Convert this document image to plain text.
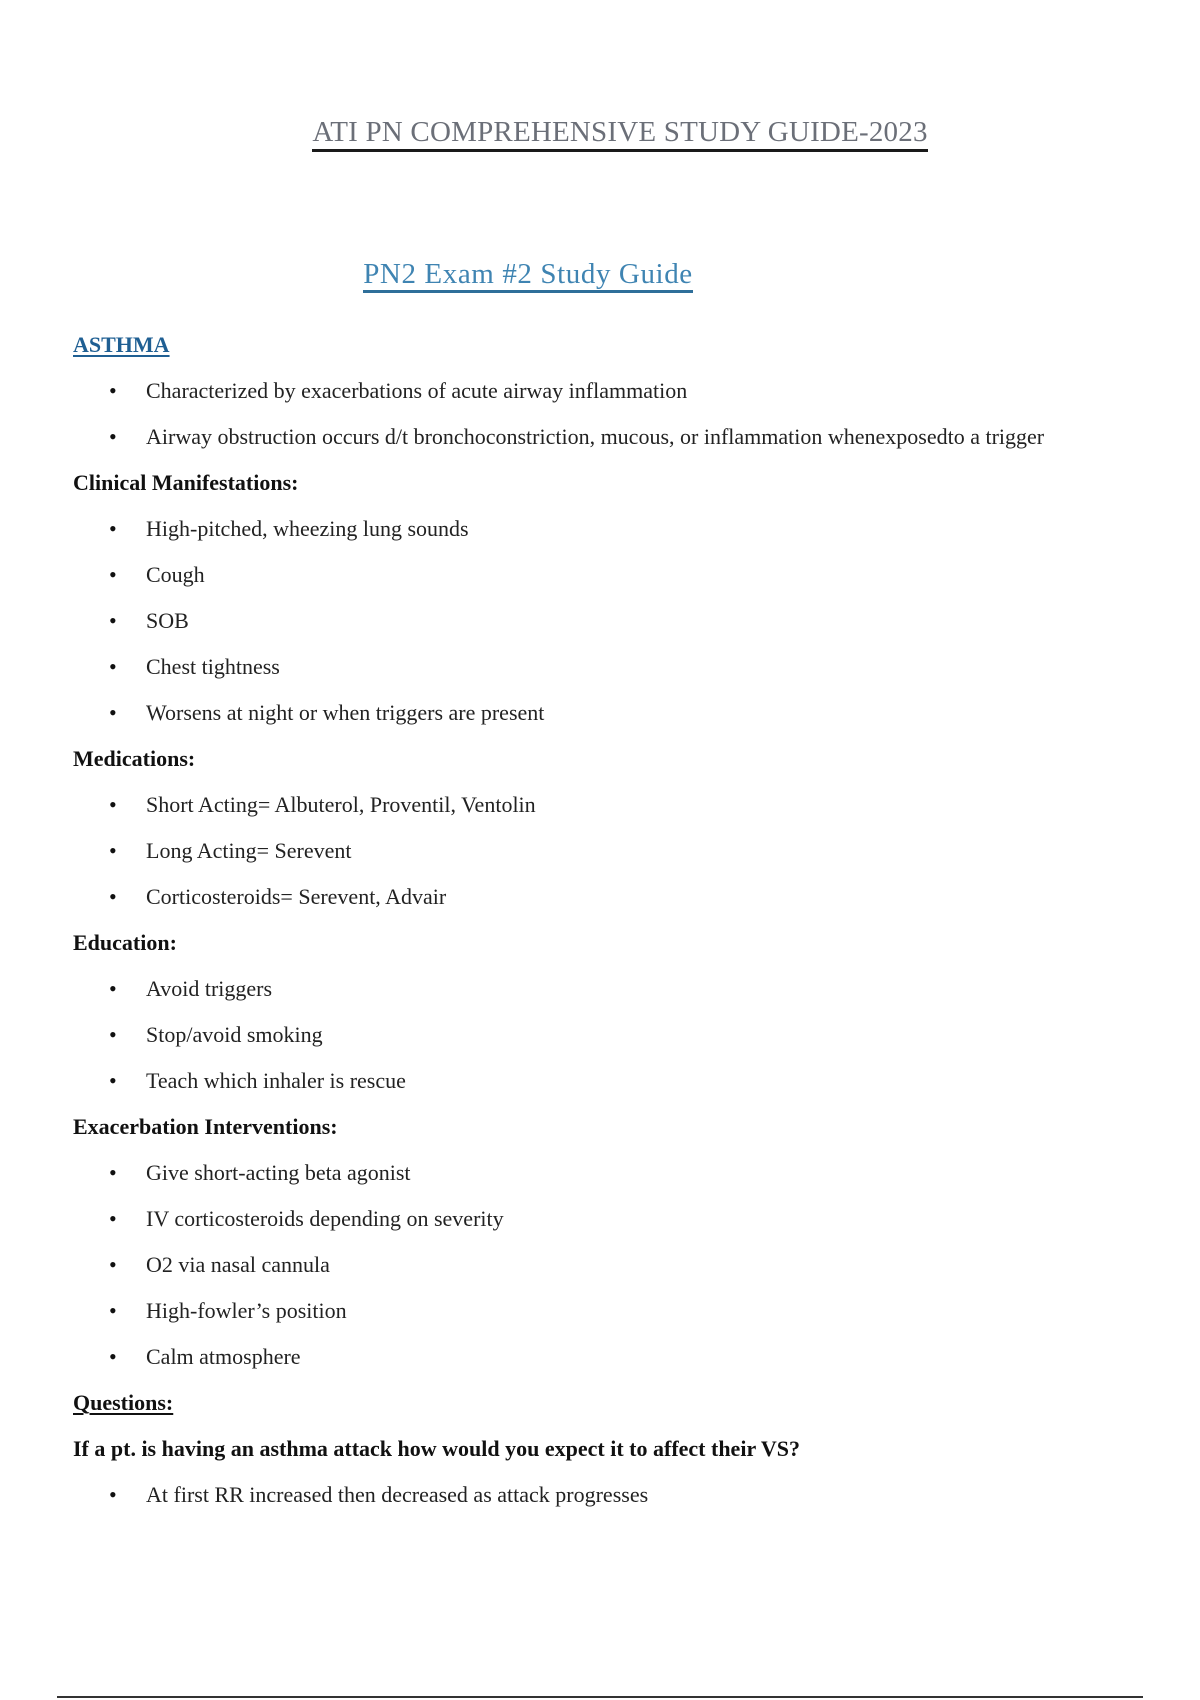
ATI PN COMPREHENSIVE STUDY GUIDE-2023
PN2 Exam #2 Study Guide
ASTHMA
• Characterized by exacerbations of acute airway inflammation
• Airway obstruction occurs d/t bronchoconstriction, mucous, or inflammation whenexposedto a trigger
Clinical Manifestations:
• High-pitched, wheezing lung sounds
• Cough
• SOB
• Chest tightness
• Worsens at night or when triggers are present
Medications:
• Short Acting= Albuterol, Proventil, Ventolin
• Long Acting= Serevent
• Corticosteroids= Serevent, Advair
Education:
• Avoid triggers
• Stop/avoid smoking
• Teach which inhaler is rescue
Exacerbation Interventions:
• Give short-acting beta agonist
• IV corticosteroids depending on severity
• O2 via nasal cannula
• High-fowler’s position
• Calm atmosphere
Questions:
If a pt. is having an asthma attack how would you expect it to affect their VS?
• At first RR increased then decreased as attack progresses
